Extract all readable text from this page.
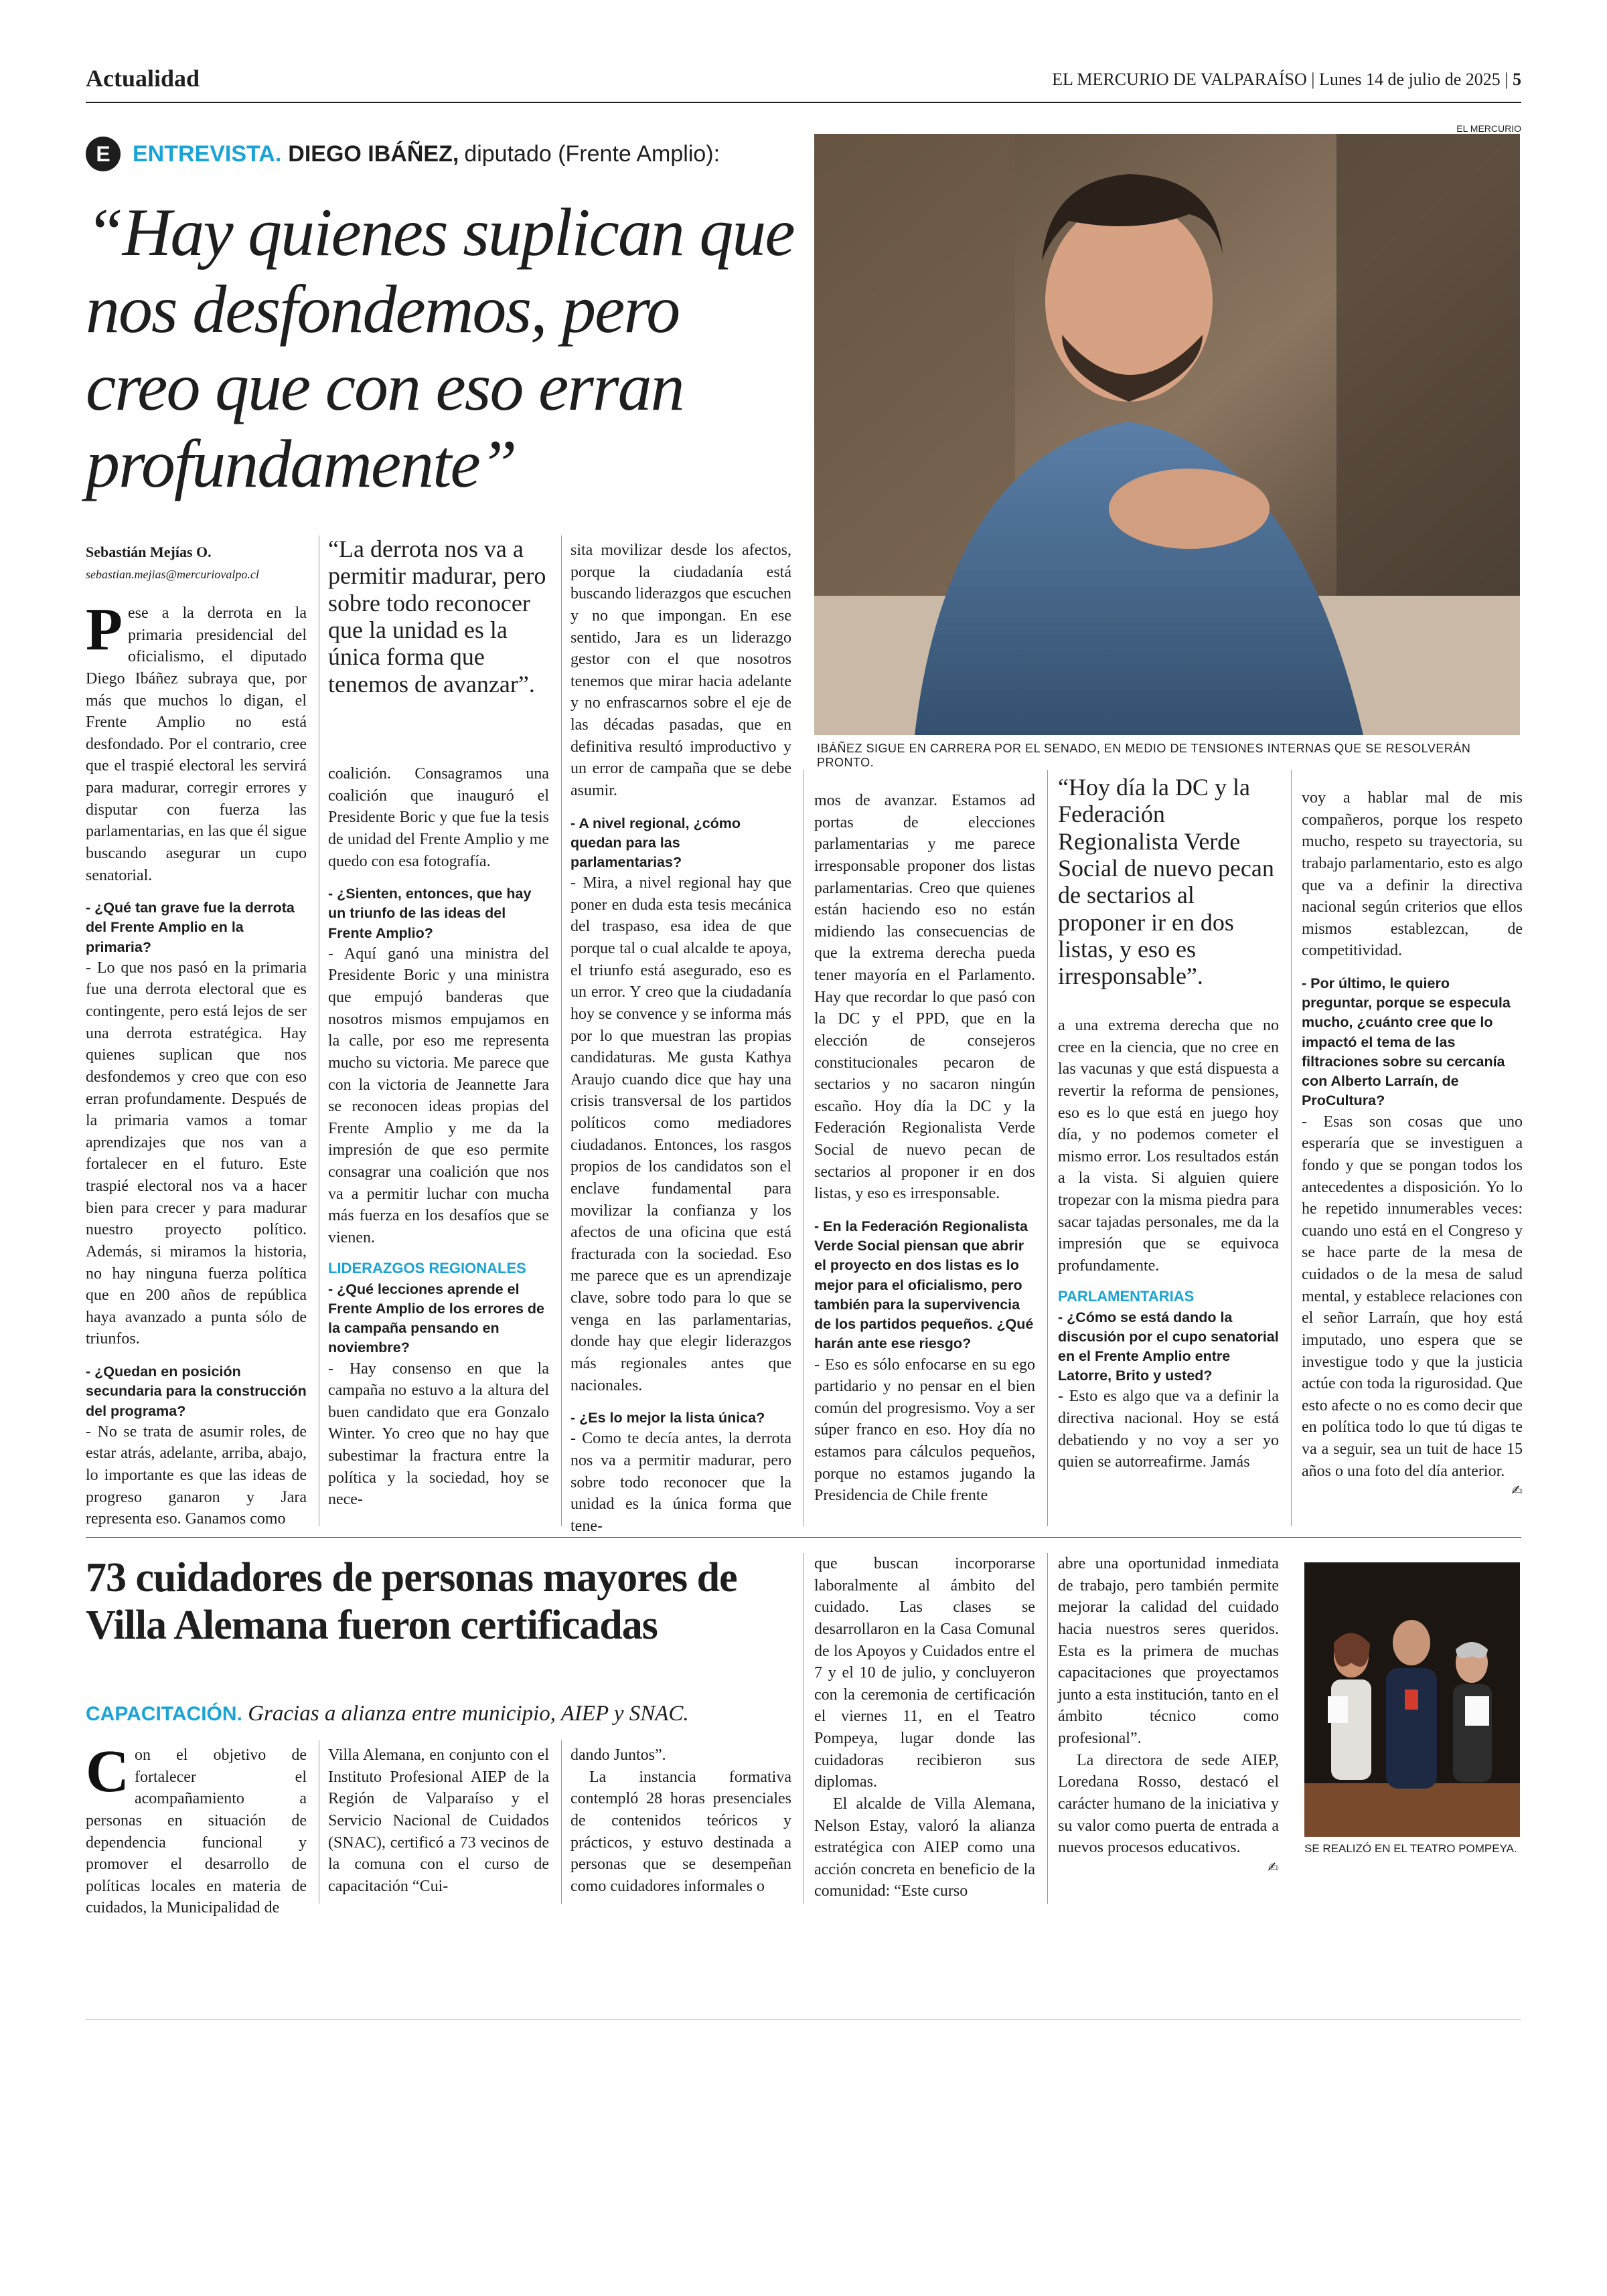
Actualidad	EL MERCURIO DE VALPARAÍSO | Lunes 14 de julio de 2025 | 5
E ENTREVISTA. DIEGO IBÁÑEZ, diputado (Frente Amplio):
“Hay quienes suplican que nos desfondemos, pero creo que con eso erran profundamente”
EL MERCURIO
IBÁÑEZ SIGUE EN CARRERA POR EL SENADO, EN MEDIO DE TENSIONES INTERNAS QUE SE RESOLVERÁN PRONTO.
Sebastián Mejías O.
sebastian.mejias@mercuriovalpo.cl

Pese a la derrota en la primaria presidencial del oficialismo, el diputado Diego Ibáñez subraya que, por más que muchos lo digan, el Frente Amplio no está desfondado. Por el contrario, cree que el traspié electoral les servirá para madurar, corregir errores y disputar con fuerza las parlamentarias, en las que él sigue buscando asegurar un cupo senatorial.

- ¿Qué tan grave fue la derrota del Frente Amplio en la primaria?

- Lo que nos pasó en la primaria fue una derrota electoral que es contingente, pero está lejos de ser una derrota estratégica. Hay quienes suplican que nos desfondemos y creo que con eso erran profundamente. Después de la primaria vamos a tomar aprendizajes que nos van a fortalecer en el futuro. Este traspié electoral nos va a hacer bien para crecer y para madurar nuestro proyecto político. Además, si miramos la historia, no hay ninguna fuerza política que en 200 años de república haya avanzado a punta sólo de triunfos.

- ¿Quedan en posición secundaria para la construcción del programa?

- No se trata de asumir roles, de estar atrás, adelante, arriba, abajo, lo importante es que las ideas de progreso ganaron y Jara representa eso. Ganamos como

“La derrota nos va a permitir madurar, pero sobre todo reconocer que la unidad es la única forma que tenemos de avanzar”.

coalición. Consagramos una coalición que inauguró el Presidente Boric y que fue la tesis de unidad del Frente Amplio y me quedo con esa fotografía.

- ¿Sienten, entonces, que hay un triunfo de las ideas del Frente Amplio?

- Aquí ganó una ministra del Presidente Boric y una ministra que empujó banderas que nosotros mismos empujamos en la calle, por eso me representa mucho su victoria. Me parece que con la victoria de Jeannette Jara se reconocen ideas propias del Frente Amplio y me da la impresión de que eso permite consagrar una coalición que nos va a permitir luchar con mucha más fuerza en los desafíos que se vienen.

LIDERAZGOS REGIONALES

- ¿Qué lecciones aprende el Frente Amplio de los errores de la campaña pensando en noviembre?

- Hay consenso en que la campaña no estuvo a la altura del buen candidato que era Gonzalo Winter. Yo creo que no hay que subestimar la fractura entre la política y la sociedad, hoy se nece-

sita movilizar desde los afectos, porque la ciudadanía está buscando liderazgos que escuchen y no que impongan. En ese sentido, Jara es un liderazgo gestor con el que nosotros tenemos que mirar hacia adelante y no enfrascarnos sobre el eje de las décadas pasadas, que en definitiva resultó improductivo y un error de campaña que se debe asumir.

- A nivel regional, ¿cómo quedan para las parlamentarias?

- Mira, a nivel regional hay que poner en duda esta tesis mecánica del traspaso, esa idea de que porque tal o cual alcalde te apoya, el triunfo está asegurado, eso es un error. Y creo que la ciudadanía hoy se convence y se informa más por lo que muestran las propias candidaturas. Me gusta Kathya Araujo cuando dice que hay una crisis transversal de los partidos políticos como mediadores ciudadanos. Entonces, los rasgos propios de los candidatos son el enclave fundamental para movilizar la confianza y los afectos de una oficina que está fracturada con la sociedad. Eso me parece que es un aprendizaje clave, sobre todo para lo que se venga en las parlamentarias, donde hay que elegir liderazgos más regionales antes que nacionales.

- ¿Es lo mejor la lista única?

- Como te decía antes, la derrota nos va a permitir madurar, pero sobre todo reconocer que la unidad es la única forma que tene-

mos de avanzar. Estamos ad portas de elecciones parlamentarias y me parece irresponsable proponer dos listas parlamentarias. Creo que quienes están haciendo eso no están midiendo las consecuencias de que la extrema derecha pueda tener mayoría en el Parlamento. Hay que recordar lo que pasó con la DC y el PPD, que en la elección de consejeros constitucionales pecaron de sectarios y no sacaron ningún escaño. Hoy día la DC y la Federación Regionalista Verde Social de nuevo pecan de sectarios al proponer ir en dos listas, y eso es irresponsable.

- En la Federación Regionalista Verde Social piensan que abrir el proyecto en dos listas es lo mejor para el oficialismo, pero también para la supervivencia de los partidos pequeños. ¿Qué harán ante ese riesgo?

- Eso es sólo enfocarse en su ego partidario y no pensar en el bien común del progresismo. Voy a ser súper franco en eso. Hoy día no estamos para cálculos pequeños, porque no estamos jugando la Presidencia de Chile frente

“Hoy día la DC y la Federación Regionalista Verde Social de nuevo pecan de sectarios al proponer ir en dos listas, y eso es irresponsable”.

a una extrema derecha que no cree en la ciencia, que no cree en las vacunas y que está dispuesta a revertir la reforma de pensiones, eso es lo que está en juego hoy día, y no podemos cometer el mismo error. Los resultados están a la vista. Si alguien quiere tropezar con la misma piedra para sacar tajadas personales, me da la impresión que se equivoca profundamente.

PARLAMENTARIAS

- ¿Cómo se está dando la discusión por el cupo senatorial en el Frente Amplio entre Latorre, Brito y usted?

- Esto es algo que va a definir la directiva nacional. Hoy se está debatiendo y no voy a ser yo quien se autorreafirme. Jamás

voy a hablar mal de mis compañeros, porque los respeto mucho, respeto su trayectoria, su trabajo parlamentario, esto es algo que va a definir la directiva nacional según criterios que ellos mismos establezcan, de competitividad.

- Por último, le quiero preguntar, porque se especula mucho, ¿cuánto cree que lo impactó el tema de las filtraciones sobre su cercanía con Alberto Larraín, de ProCultura?

- Esas son cosas que uno esperaría que se investiguen a fondo y que se pongan todos los antecedentes a disposición. Yo lo he repetido innumerables veces: cuando uno está en el Congreso y se hace parte de la mesa de cuidados o de la mesa de salud mental, y establece relaciones con el señor Larraín, que hoy está imputado, uno espera que se investigue todo y que la justicia actúe con toda la rigurosidad. Que esto afecte o no es como decir que en política todo lo que tú digas te va a seguir, sea un tuit de hace 15 años o una foto del día anterior.

✍
73 cuidadores de personas mayores de Villa Alemana fueron certificadas
CAPACITACIÓN. Gracias a alianza entre municipio, AIEP y SNAC.

Con el objetivo de fortalecer el acompañamiento a personas en situación de dependencia funcional y promover el desarrollo de políticas locales en materia de cuidados, la Municipalidad de

Villa Alemana, en conjunto con el Instituto Profesional AIEP de la Región de Valparaíso y el Servicio Nacional de Cuidados (SNAC), certificó a 73 vecinos de la comuna con el curso de capacitación “Cui-

dando Juntos”.

La instancia formativa contempló 28 horas presenciales de contenidos teóricos y prácticos, y estuvo destinada a personas que se desempeñan como cuidadores informales o

que buscan incorporarse laboralmente al ámbito del cuidado. Las clases se desarrollaron en la Casa Comunal de los Apoyos y Cuidados entre el 7 y el 10 de julio, y concluyeron con la ceremonia de certificación el viernes 11, en el Teatro Pompeya, lugar donde las cuidadoras recibieron sus diplomas.

El alcalde de Villa Alemana, Nelson Estay, valoró la alianza estratégica con AIEP como una acción concreta en beneficio de la comunidad: “Este curso

abre una oportunidad inmediata de trabajo, pero también permite mejorar la calidad del cuidado hacia nuestros seres queridos. Esta es la primera de muchas capacitaciones que proyectamos junto a esta institución, tanto en el ámbito técnico como profesional”.

La directora de sede AIEP, Loredana Rosso, destacó el carácter humano de la iniciativa y su valor como puerta de entrada a nuevos procesos educativos.

✍
SE REALIZÓ EN EL TEATRO POMPEYA.
